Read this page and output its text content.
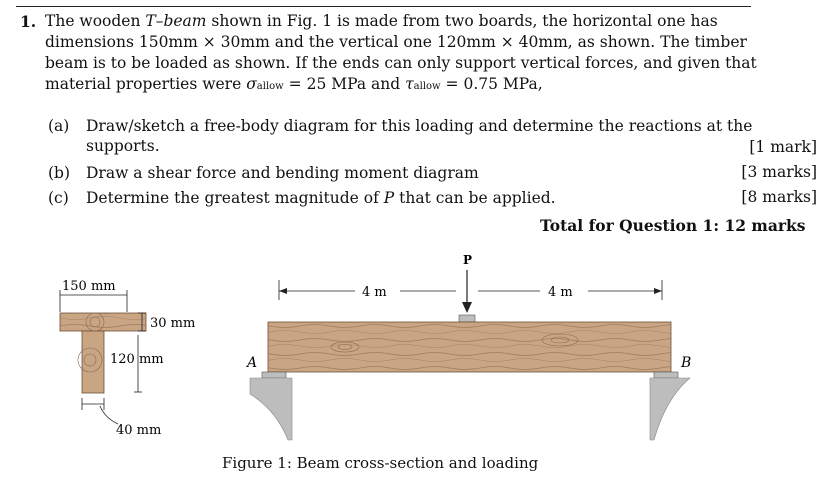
1. The wooden T–beam shown in Fig. 1 is made from two boards, the horizontal one has dimensions 150mm × 30mm and the vertical one 120mm × 40mm, as shown. The timber beam is to be loaded as shown. If the ends can only support vertical forces, and given that material properties were σallow = 25 MPa and τallow = 0.75 MPa,
(a) Draw/sketch a free-body diagram for this loading and determine the reactions at the
supports.	[1 mark]
(b) Draw a shear force and bending moment diagram	[3 marks]
(c) Determine the greatest magnitude of P that can be applied.	[8 marks]
Total for Question 1: 12 marks
150 mm
30 mm
120 mm
40 mm
4 m	4 m
P
A	B
Figure 1: Beam cross-section and loading
